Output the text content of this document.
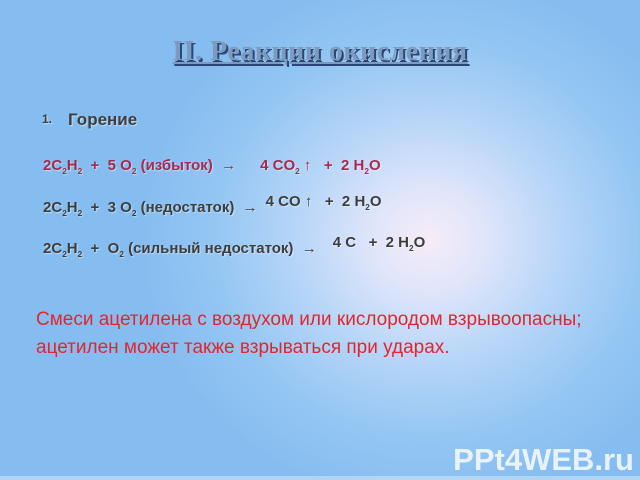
II. Реакции окисления
1. Горение
$2C_2H_2 + 5$ $O_2$ (избыток)  → 4 $CO_2$ ↑   +  2 $H_2O$
$2C_2H_2 + 3$ $O_2$ (недостаток)  → 4 CO ↑   +  2 $H_2O$
$2C_2H_2 + O_2$ (сильный недостаток)  → 4 C   +  2 $H_2O$

Смеси ацетилена с воздухом или кислородом взрывоопасны;
ацетилен может также взрываться при ударах.

PPt4WEB.ru
